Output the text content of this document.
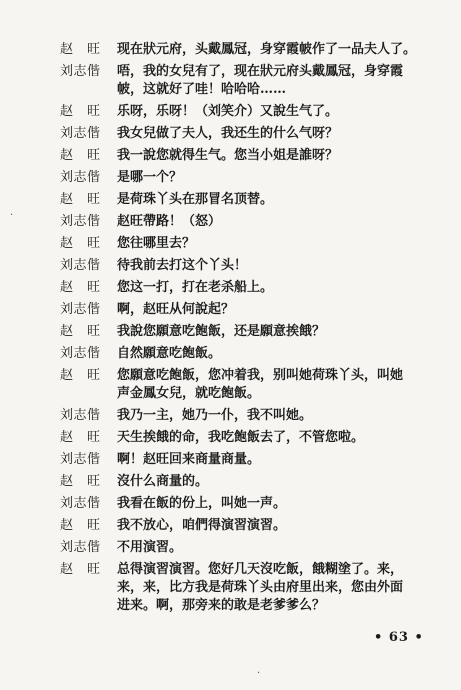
赵　旺	现在狀元府，头戴鳳冠，身穿霞帔作了一品夫人了。
刘志偕	唔，我的女兒有了，现在狀元府头戴鳳冠，身穿霞
帔，这就好了哇！哈哈哈……
赵　旺	乐呀，乐呀！（刘笑介）又說生气了。
刘志偕	我女兒做了夫人，我还生的什么气呀？
赵　旺	我一說您就得生气。您当小姐是誰呀？
刘志偕	是哪一个？
赵　旺	是荷珠丫头在那冒名顶替。
刘志偕	赵旺帶路！（怒）
赵　旺	您往哪里去？
刘志偕	待我前去打这个丫头！
赵　旺	您这一打，打在老杀船上。
刘志偕	啊，赵旺从何說起？
赵　旺	我說您願意吃飽飯，还是願意挨餓？
刘志偕	自然願意吃飽飯。
赵　旺	您願意吃飽飯，您冲着我，别叫她荷珠丫头，叫她
声金鳳女兒，就吃飽飯。
刘志偕	我乃一主，她乃一仆，我不叫她。
赵　旺	天生挨餓的命，我吃飽飯去了，不管您啦。
刘志偕	啊！赵旺回来商量商量。
赵　旺	沒什么商量的。
刘志偕	我看在飯的份上，叫她一声。
赵　旺	我不放心，咱們得演習演習。
刘志偕	不用演習。
赵　旺	总得演習演習。您好几天沒吃飯，餓糊塗了。来，
来，来，比方我是荷珠丫头由府里出来，您由外面
进来。啊，那旁来的敢是老爹爹么？
• 63 •
·
·
